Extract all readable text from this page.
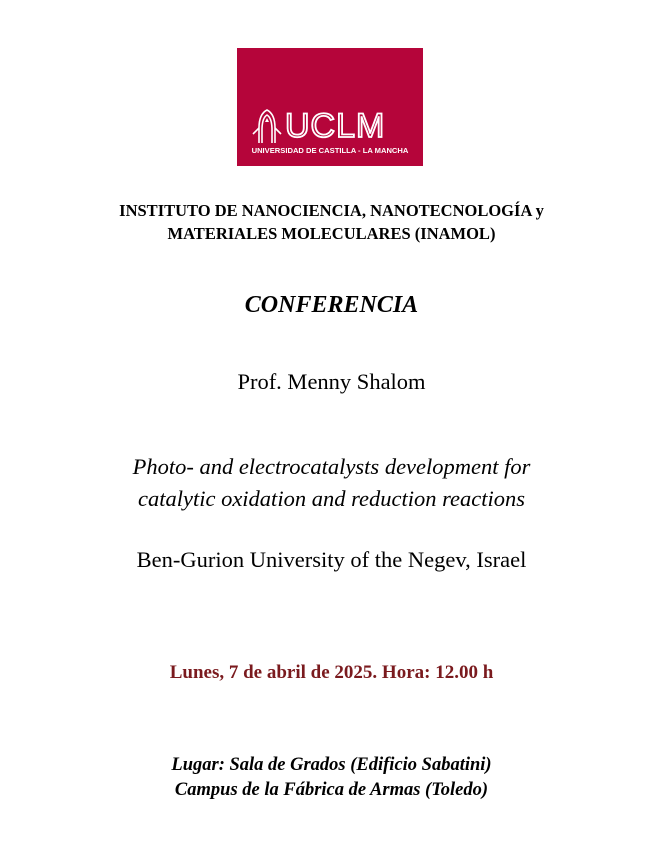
UCLM
UNIVERSIDAD DE CASTILLA - LA MANCHA
INSTITUTO DE NANOCIENCIA, NANOTECNOLOGÍA y
MATERIALES MOLECULARES (INAMOL)
CONFERENCIA
Prof. Menny Shalom
Photo- and electrocatalysts development for
catalytic oxidation and reduction reactions
Ben-Gurion University of the Negev, Israel
Lunes, 7 de abril de 2025. Hora: 12.00 h
Lugar: Sala de Grados (Edificio Sabatini)
Campus de la Fábrica de Armas (Toledo)
